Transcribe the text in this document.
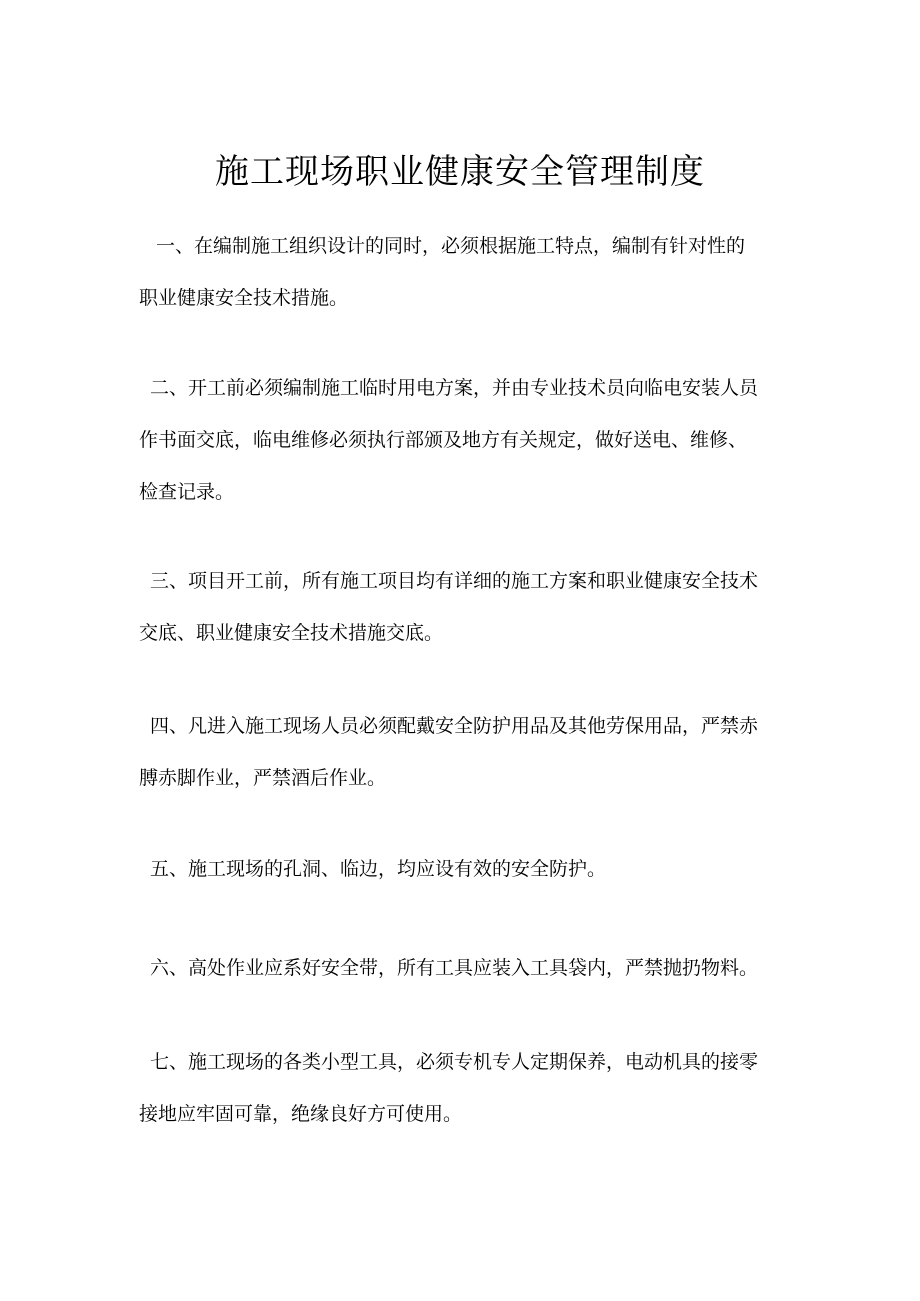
施工现场职业健康安全管理制度
一、在编制施工组织设计的同时，必须根据施工特点，编制有针对性的
职业健康安全技术措施。
二、开工前必须编制施工临时用电方案，并由专业技术员向临电安装人员
作书面交底，临电维修必须执行部颁及地方有关规定，做好送电、维修、
检查记录。
三、项目开工前，所有施工项目均有详细的施工方案和职业健康安全技术
交底、职业健康安全技术措施交底。
四、凡进入施工现场人员必须配戴安全防护用品及其他劳保用品，严禁赤
膊赤脚作业，严禁酒后作业。
五、施工现场的孔洞、临边，均应设有效的安全防护。
六、高处作业应系好安全带，所有工具应装入工具袋内，严禁抛扔物料。
七、施工现场的各类小型工具，必须专机专人定期保养，电动机具的接零
接地应牢固可靠，绝缘良好方可使用。
